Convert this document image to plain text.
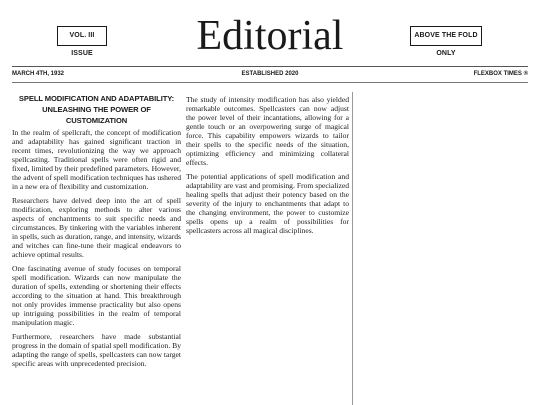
VOL. III ISSUE	Editorial	ABOVE THE FOLD ONLY
MARCH 4TH, 1932	ESTABLISHED 2020	FLEXBOX TIMES ®
SPELL MODIFICATION AND ADAPTABILITY:
UNLEASHING THE POWER OF CUSTOMIZATION

In the realm of spellcraft, the concept of modification and adaptability has gained significant traction in recent times, revolutionizing the way we approach spellcasting. Traditional spells were often rigid and fixed, limited by their predefined parameters. However, the advent of spell modification techniques has ushered in a new era of flexibility and customization.

Researchers have delved deep into the art of spell modification, exploring methods to alter various aspects of enchantments to suit specific needs and circumstances. By tinkering with the variables inherent in spells, such as duration, range, and intensity, wizards and witches can fine-tune their magical endeavors to achieve optimal results.

One fascinating avenue of study focuses on temporal spell modification. Wizards can now manipulate the duration of spells, extending or shortening their effects according to the situation at hand. This breakthrough not only provides immense practicality but also opens up intriguing possibilities in the realm of temporal manipulation magic.

Furthermore, researchers have made substantial progress in the domain of spatial spell modification. By adapting the range of spells, spellcasters can now target specific areas with unprecedented precision.

The study of intensity modification has also yielded remarkable outcomes. Spellcasters can now adjust the power level of their incantations, allowing for a gentle touch or an overpowering surge of magical force. This capability empowers wizards to tailor their spells to the specific needs of the situation, optimizing efficiency and minimizing collateral effects.

The potential applications of spell modification and adaptability are vast and promising. From specialized healing spells that adjust their potency based on the severity of the injury to enchantments that adapt to the changing environment, the power to customize spells opens up a realm of possibilities for spellcasters across all magical disciplines.
